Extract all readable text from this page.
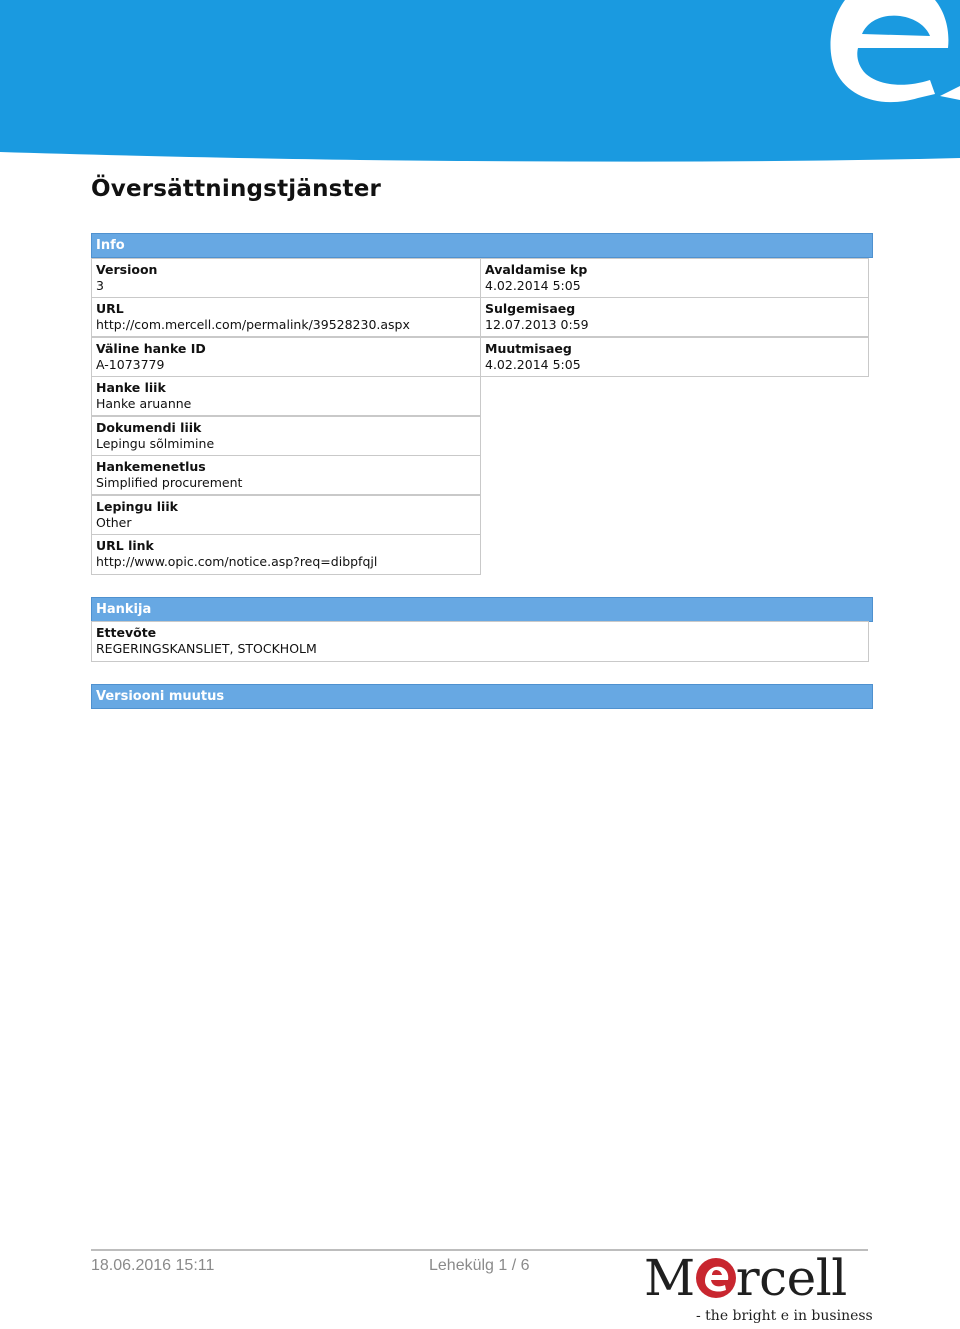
Översättningstjänster
Info
Versioon
3
URL
http://com.mercell.com/permalink/39528230.aspx
Väline hanke ID
A-1073779
Hanke liik
Hanke aruanne
Dokumendi liik
Lepingu sõlmimine
Hankemenetlus
Simplified procurement
Lepingu liik
Other
URL link
http://www.opic.com/notice.asp?req=dibpfqjl
Avaldamise kp
4.02.2014 5:05
Sulgemisaeg
12.07.2013 0:59
Muutmisaeg
4.02.2014 5:05
Hankija
Ettevõte
REGERINGSKANSLIET, STOCKHOLM
Versiooni muutus
18.06.2016 15:11	Lehekülg 1 / 6 M rcell
- the bright e in business
